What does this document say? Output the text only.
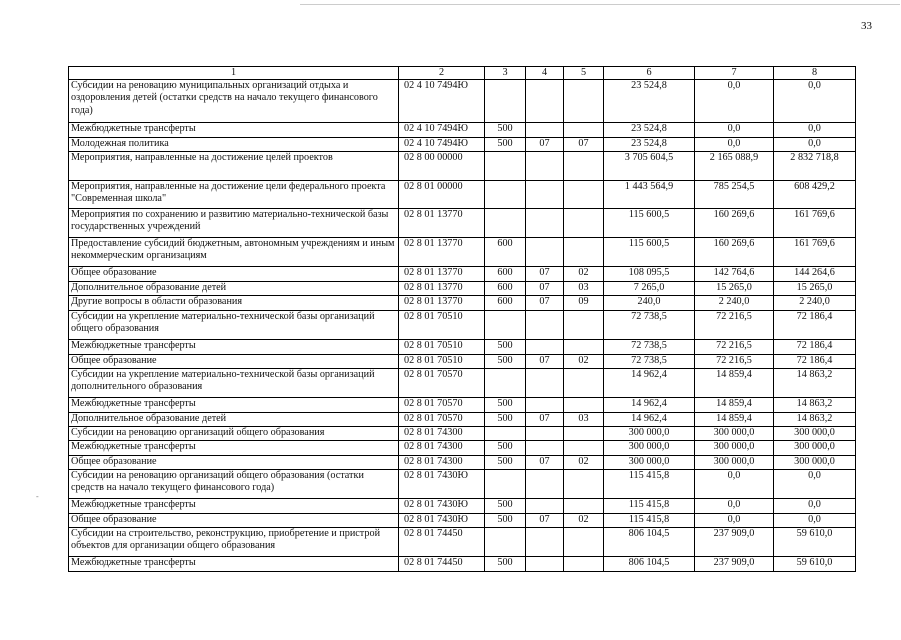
-
33
1	2	3	4	5	6	7	8
Субсидии на реновацию муниципальных организаций отдыха и оздоровления детей (остатки средств на начало текущего финансового года)	02 4 10 7494Ю				23 524,8	0,0	0,0
Межбюджетные трансферты	02 4 10 7494Ю	500			23 524,8	0,0	0,0
Молодежная политика	02 4 10 7494Ю	500	07	07	23 524,8	0,0	0,0
Мероприятия, направленные на достижение целей проектов	02 8 00 00000				3 705 604,5	2 165 088,9	2 832 718,8
Мероприятия, направленные на достижение цели федерального проекта "Современная школа"	02 8 01 00000				1 443 564,9	785 254,5	608 429,2
Мероприятия по сохранению и развитию материально-технической базы государственных учреждений	02 8 01 13770				115 600,5	160 269,6	161 769,6
Предоставление субсидий бюджетным, автономным учреждениям и иным некоммерческим организациям	02 8 01 13770	600			115 600,5	160 269,6	161 769,6
Общее образование	02 8 01 13770	600	07	02	108 095,5	142 764,6	144 264,6
Дополнительное образование детей	02 8 01 13770	600	07	03	7 265,0	15 265,0	15 265,0
Другие вопросы в области образования	02 8 01 13770	600	07	09	240,0	2 240,0	2 240,0
Субсидии на укрепление материально-технической базы организаций общего образования	02 8 01 70510				72 738,5	72 216,5	72 186,4
Межбюджетные трансферты	02 8 01 70510	500			72 738,5	72 216,5	72 186,4
Общее образование	02 8 01 70510	500	07	02	72 738,5	72 216,5	72 186,4
Субсидии на укрепление материально-технической базы организаций дополнительного образования	02 8 01 70570				14 962,4	14 859,4	14 863,2
Межбюджетные трансферты	02 8 01 70570	500			14 962,4	14 859,4	14 863,2
Дополнительное образование детей	02 8 01 70570	500	07	03	14 962,4	14 859,4	14 863,2
Субсидии на реновацию организаций общего образования	02 8 01 74300				300 000,0	300 000,0	300 000,0
Межбюджетные трансферты	02 8 01 74300	500			300 000,0	300 000,0	300 000,0
Общее образование	02 8 01 74300	500	07	02	300 000,0	300 000,0	300 000,0
Субсидии на реновацию организаций общего образования (остатки средств на начало текущего финансового года)	02 8 01 7430Ю				115 415,8	0,0	0,0
Межбюджетные трансферты	02 8 01 7430Ю	500			115 415,8	0,0	0,0
Общее образование	02 8 01 7430Ю	500	07	02	115 415,8	0,0	0,0
Субсидии на строительство, реконструкцию, приобретение и пристрой объектов для организации общего образования	02 8 01 74450				806 104,5	237 909,0	59 610,0
Межбюджетные трансферты	02 8 01 74450	500			806 104,5	237 909,0	59 610,0
